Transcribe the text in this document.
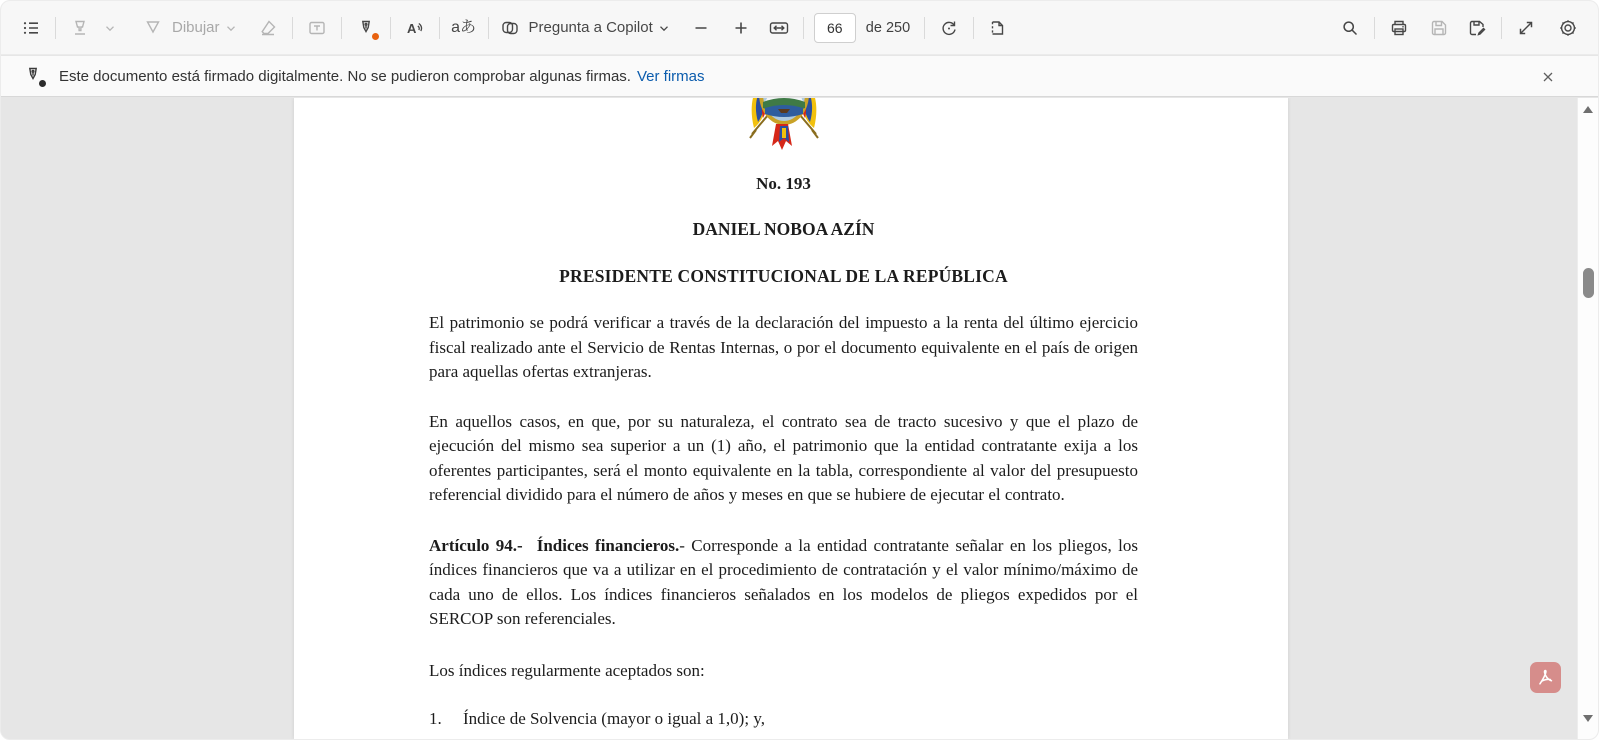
Dibujar	A aあ	Pregunta a Copilot
66	de 250
Este documento está firmado digitalmente. No se pudieron comprobar algunas firmas. Ver firmas
No. 193
DANIEL NOBOA AZÍN
PRESIDENTE CONSTITUCIONAL DE LA REPÚBLICA

El patrimonio se podrá verificar a través de la declaración del impuesto a la renta del último ejercicio fiscal realizado ante el Servicio de Rentas Internas, o por el documento equivalente en el país de origen para aquellas ofertas extranjeras.

En aquellos casos, en que, por su naturaleza, el contrato sea de tracto sucesivo y que el plazo de ejecución del mismo sea superior a un (1) año, el patrimonio que la entidad contratante exija a los oferentes participantes, será el monto equivalente en la tabla, correspondiente al valor del presupuesto referencial dividido para el número de años y meses en que se hubiere de ejecutar el contrato.

Artículo 94.- Índices financieros.- Corresponde a la entidad contratante señalar en los pliegos, los índices financieros que va a utilizar en el procedimiento de contratación y el valor mínimo/máximo de cada uno de ellos. Los índices financieros señalados en los modelos de pliegos expedidos por el SERCOP son referenciales.

Los índices regularmente aceptados son:

1.	Índice de Solvencia (mayor o igual a 1,0); y,
